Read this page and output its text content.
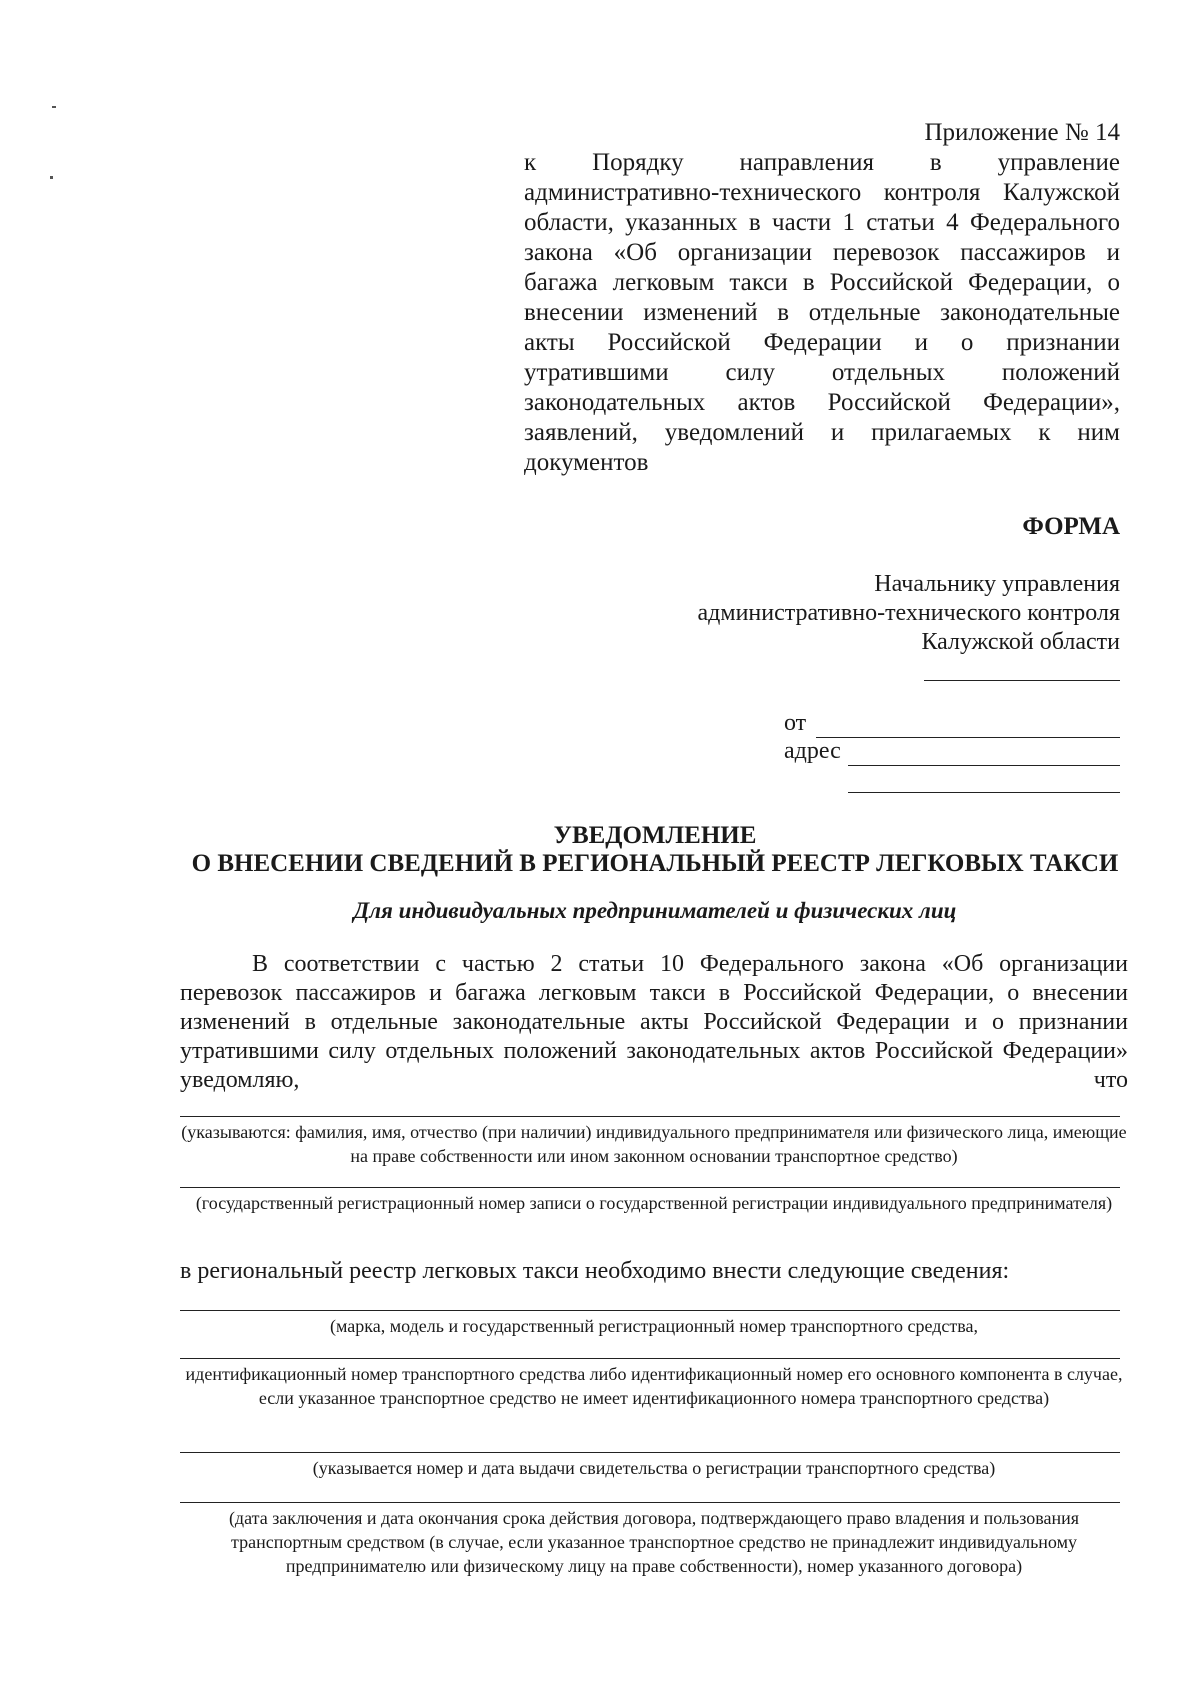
Приложение № 14
к Порядку направления в управление административно-технического контроля Калужской области, указанных в части 1 статьи 4 Федерального закона «Об организации перевозок пассажиров и багажа легковым такси в Российской Федерации, о внесении изменений в отдельные законодательные акты Российской Федерации и о признании утратившими силу отдельных положений законодательных актов Российской Федерации», заявлений, уведомлений и прилагаемых к ним документов
ФОРМА
Начальнику управления
административно-технического контроля
Калужской области
от
адрес
УВЕДОМЛЕНИЕ
О ВНЕСЕНИИ СВЕДЕНИЙ В РЕГИОНАЛЬНЫЙ РЕЕСТР ЛЕГКОВЫХ ТАКСИ
Для индивидуальных предпринимателей и физических лиц
В соответствии с частью 2 статьи 10 Федерального закона «Об организации перевозок пассажиров и багажа легковым такси в Российской Федерации, о внесении изменений в отдельные законодательные акты Российской Федерации и о признании утратившими силу отдельных положений законодательных актов Российской Федерации» уведомляю, что
(указываются: фамилия, имя, отчество (при наличии) индивидуального предпринимателя или физического лица, имеющие на праве собственности или ином законном основании транспортное средство)
(государственный регистрационный номер записи о государственной регистрации индивидуального предпринимателя)
в региональный реестр легковых такси необходимо внести следующие сведения:
(марка, модель и государственный регистрационный номер транспортного средства,
идентификационный номер транспортного средства либо идентификационный номер его основного компонента в случае, если указанное транспортное средство не имеет идентификационного номера транспортного средства)
(указывается номер и дата выдачи свидетельства о регистрации транспортного средства)
(дата заключения и дата окончания срока действия договора, подтверждающего право владения и пользования транспортным средством (в случае, если указанное транспортное средство не принадлежит индивидуальному предпринимателю или физическому лицу на праве собственности), номер указанного договора)
